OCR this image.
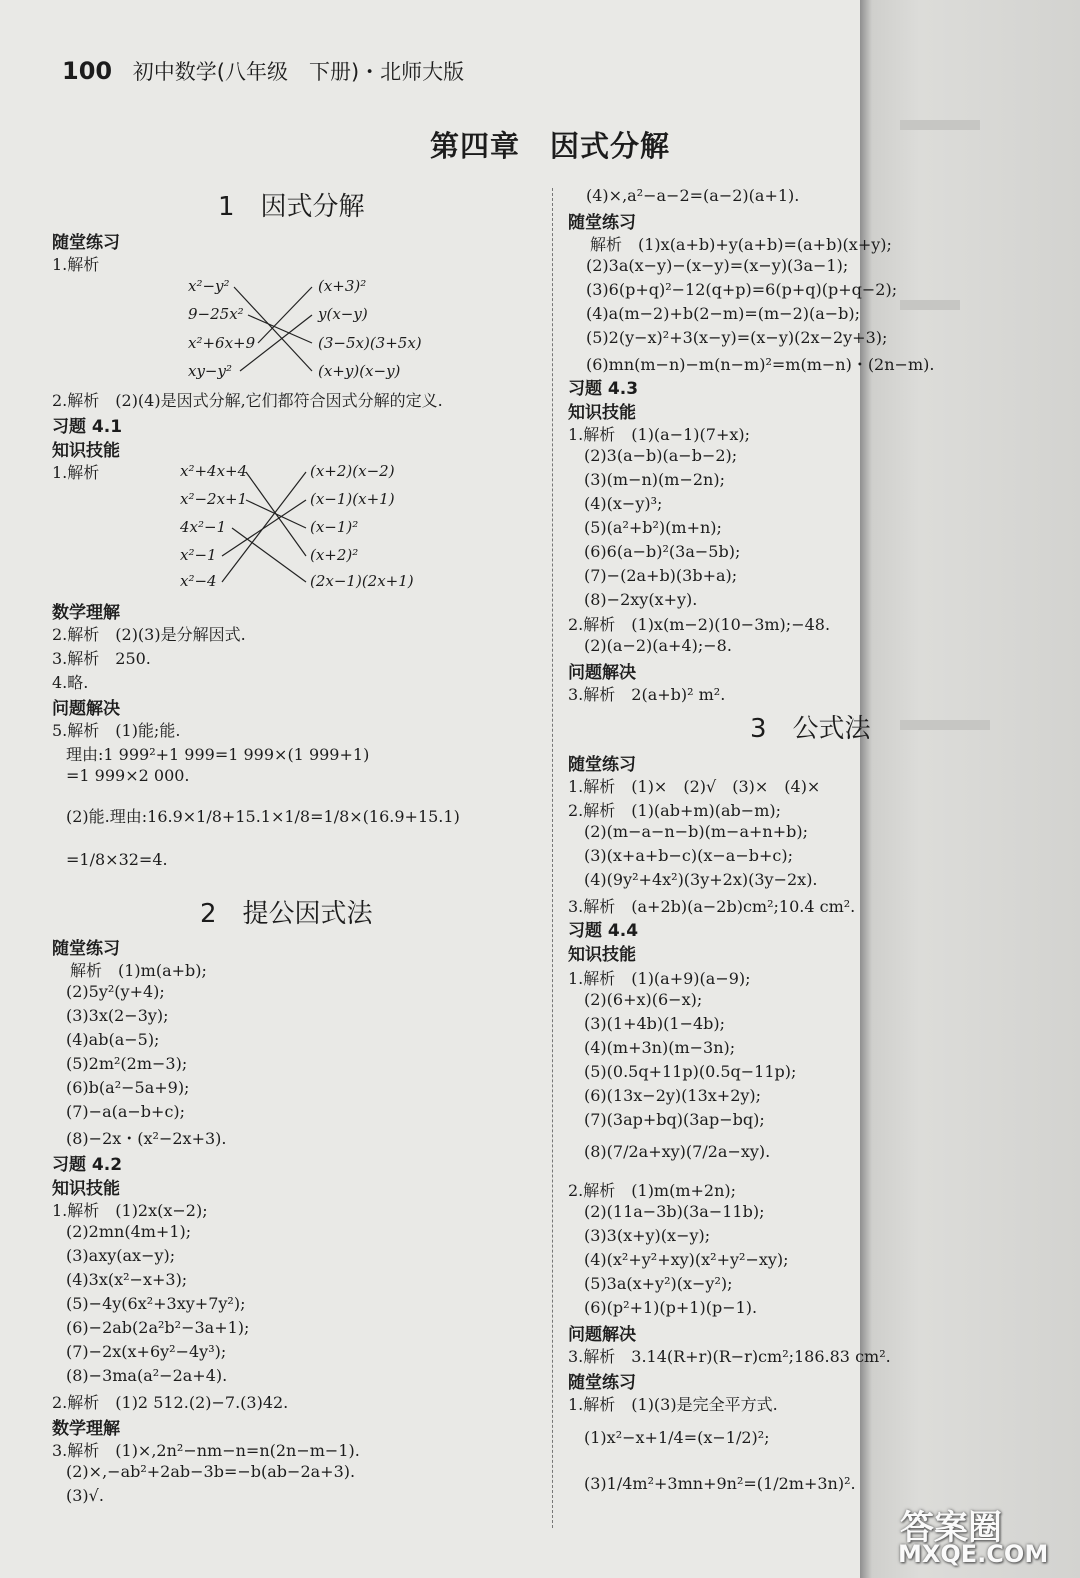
100 初中数学(八年级　下册)・北师大版
第四章　因式分解
1　因式分解
随堂练习
1.解析
x²−y²
9−25x²
x²+6x+9
xy−y²
(x+3)²
y(x−y)
(3−5x)(3+5x)
(x+y)(x−y)
2.解析　(2)(4)是因式分解,它们都符合因式分解的定义.
习题 4.1
知识技能
1.解析	x²+4x+4
x²−2x+1
4x²−1
x²−1
x²−4
(x+2)(x−2)
(x−1)(x+1)
(x−1)²
(x+2)²
(2x−1)(2x+1)
数学理解
2.解析　(2)(3)是分解因式.
3.解析　250.
4.略.
问题解决
5.解析　(1)能;能.
理由:1 999²+1 999=1 999×(1 999+1)
=1 999×2 000.
(2)能.理由:16.9×1/8+15.1×1/8=1/8×(16.9+15.1)
=1/8×32=4.
2　提公因式法
随堂练习
解析　(1)m(a+b);
(2)5y²(y+4);
(3)3x(2−3y);
(4)ab(a−5);
(5)2m²(2m−3);
(6)b(a²−5a+9);
(7)−a(a−b+c);
(8)−2x・(x²−2x+3).
习题 4.2
知识技能
1.解析　(1)2x(x−2);
(2)2mn(4m+1);
(3)axy(ax−y);
(4)3x(x²−x+3);
(5)−4y(6x²+3xy+7y²);
(6)−2ab(2a²b²−3a+1);
(7)−2x(x+6y²−4y³);
(8)−3ma(a²−2a+4).
2.解析　(1)2 512.(2)−7.(3)42.
数学理解
3.解析　(1)×,2n²−nm−n=n(2n−m−1).
(2)×,−ab²+2ab−3b=−b(ab−2a+3).
(3)√.
(4)×,a²−a−2=(a−2)(a+1).
随堂练习
解析　(1)x(a+b)+y(a+b)=(a+b)(x+y);
(2)3a(x−y)−(x−y)=(x−y)(3a−1);
(3)6(p+q)²−12(q+p)=6(p+q)(p+q−2);
(4)a(m−2)+b(2−m)=(m−2)(a−b);
(5)2(y−x)²+3(x−y)=(x−y)(2x−2y+3);
(6)mn(m−n)−m(n−m)²=m(m−n)・(2n−m).
习题 4.3
知识技能
1.解析　(1)(a−1)(7+x);
(2)3(a−b)(a−b−2);
(3)(m−n)(m−2n);
(4)(x−y)³;
(5)(a²+b²)(m+n);
(6)6(a−b)²(3a−5b);
(7)−(2a+b)(3b+a);
(8)−2xy(x+y).
2.解析　(1)x(m−2)(10−3m);−48.
(2)(a−2)(a+4);−8.
问题解决
3.解析　2(a+b)² m².
3　公式法
随堂练习
1.解析　(1)×　(2)√　(3)×　(4)×
2.解析　(1)(ab+m)(ab−m);
(2)(m−a−n−b)(m−a+n+b);
(3)(x+a+b−c)(x−a−b+c);
(4)(9y²+4x²)(3y+2x)(3y−2x).
3.解析　(a+2b)(a−2b)cm²;10.4 cm².
习题 4.4
知识技能
1.解析　(1)(a+9)(a−9);
(2)(6+x)(6−x);
(3)(1+4b)(1−4b);
(4)(m+3n)(m−3n);
(5)(0.5q+11p)(0.5q−11p);
(6)(13x−2y)(13x+2y);
(7)(3ap+bq)(3ap−bq);
(8)(7/2a+xy)(7/2a−xy).
2.解析　(1)m(m+2n);
(2)(11a−3b)(3a−11b);
(3)3(x+y)(x−y);
(4)(x²+y²+xy)(x²+y²−xy);
(5)3a(x+y²)(x−y²);
(6)(p²+1)(p+1)(p−1).
问题解决
3.解析　3.14(R+r)(R−r)cm²;186.83 cm².
随堂练习
1.解析　(1)(3)是完全平方式.
(1)x²−x+1/4=(x−1/2)²;
(3)1/4m²+3mn+9n²=(1/2m+3n)².
答案圈
MXQE.COM
